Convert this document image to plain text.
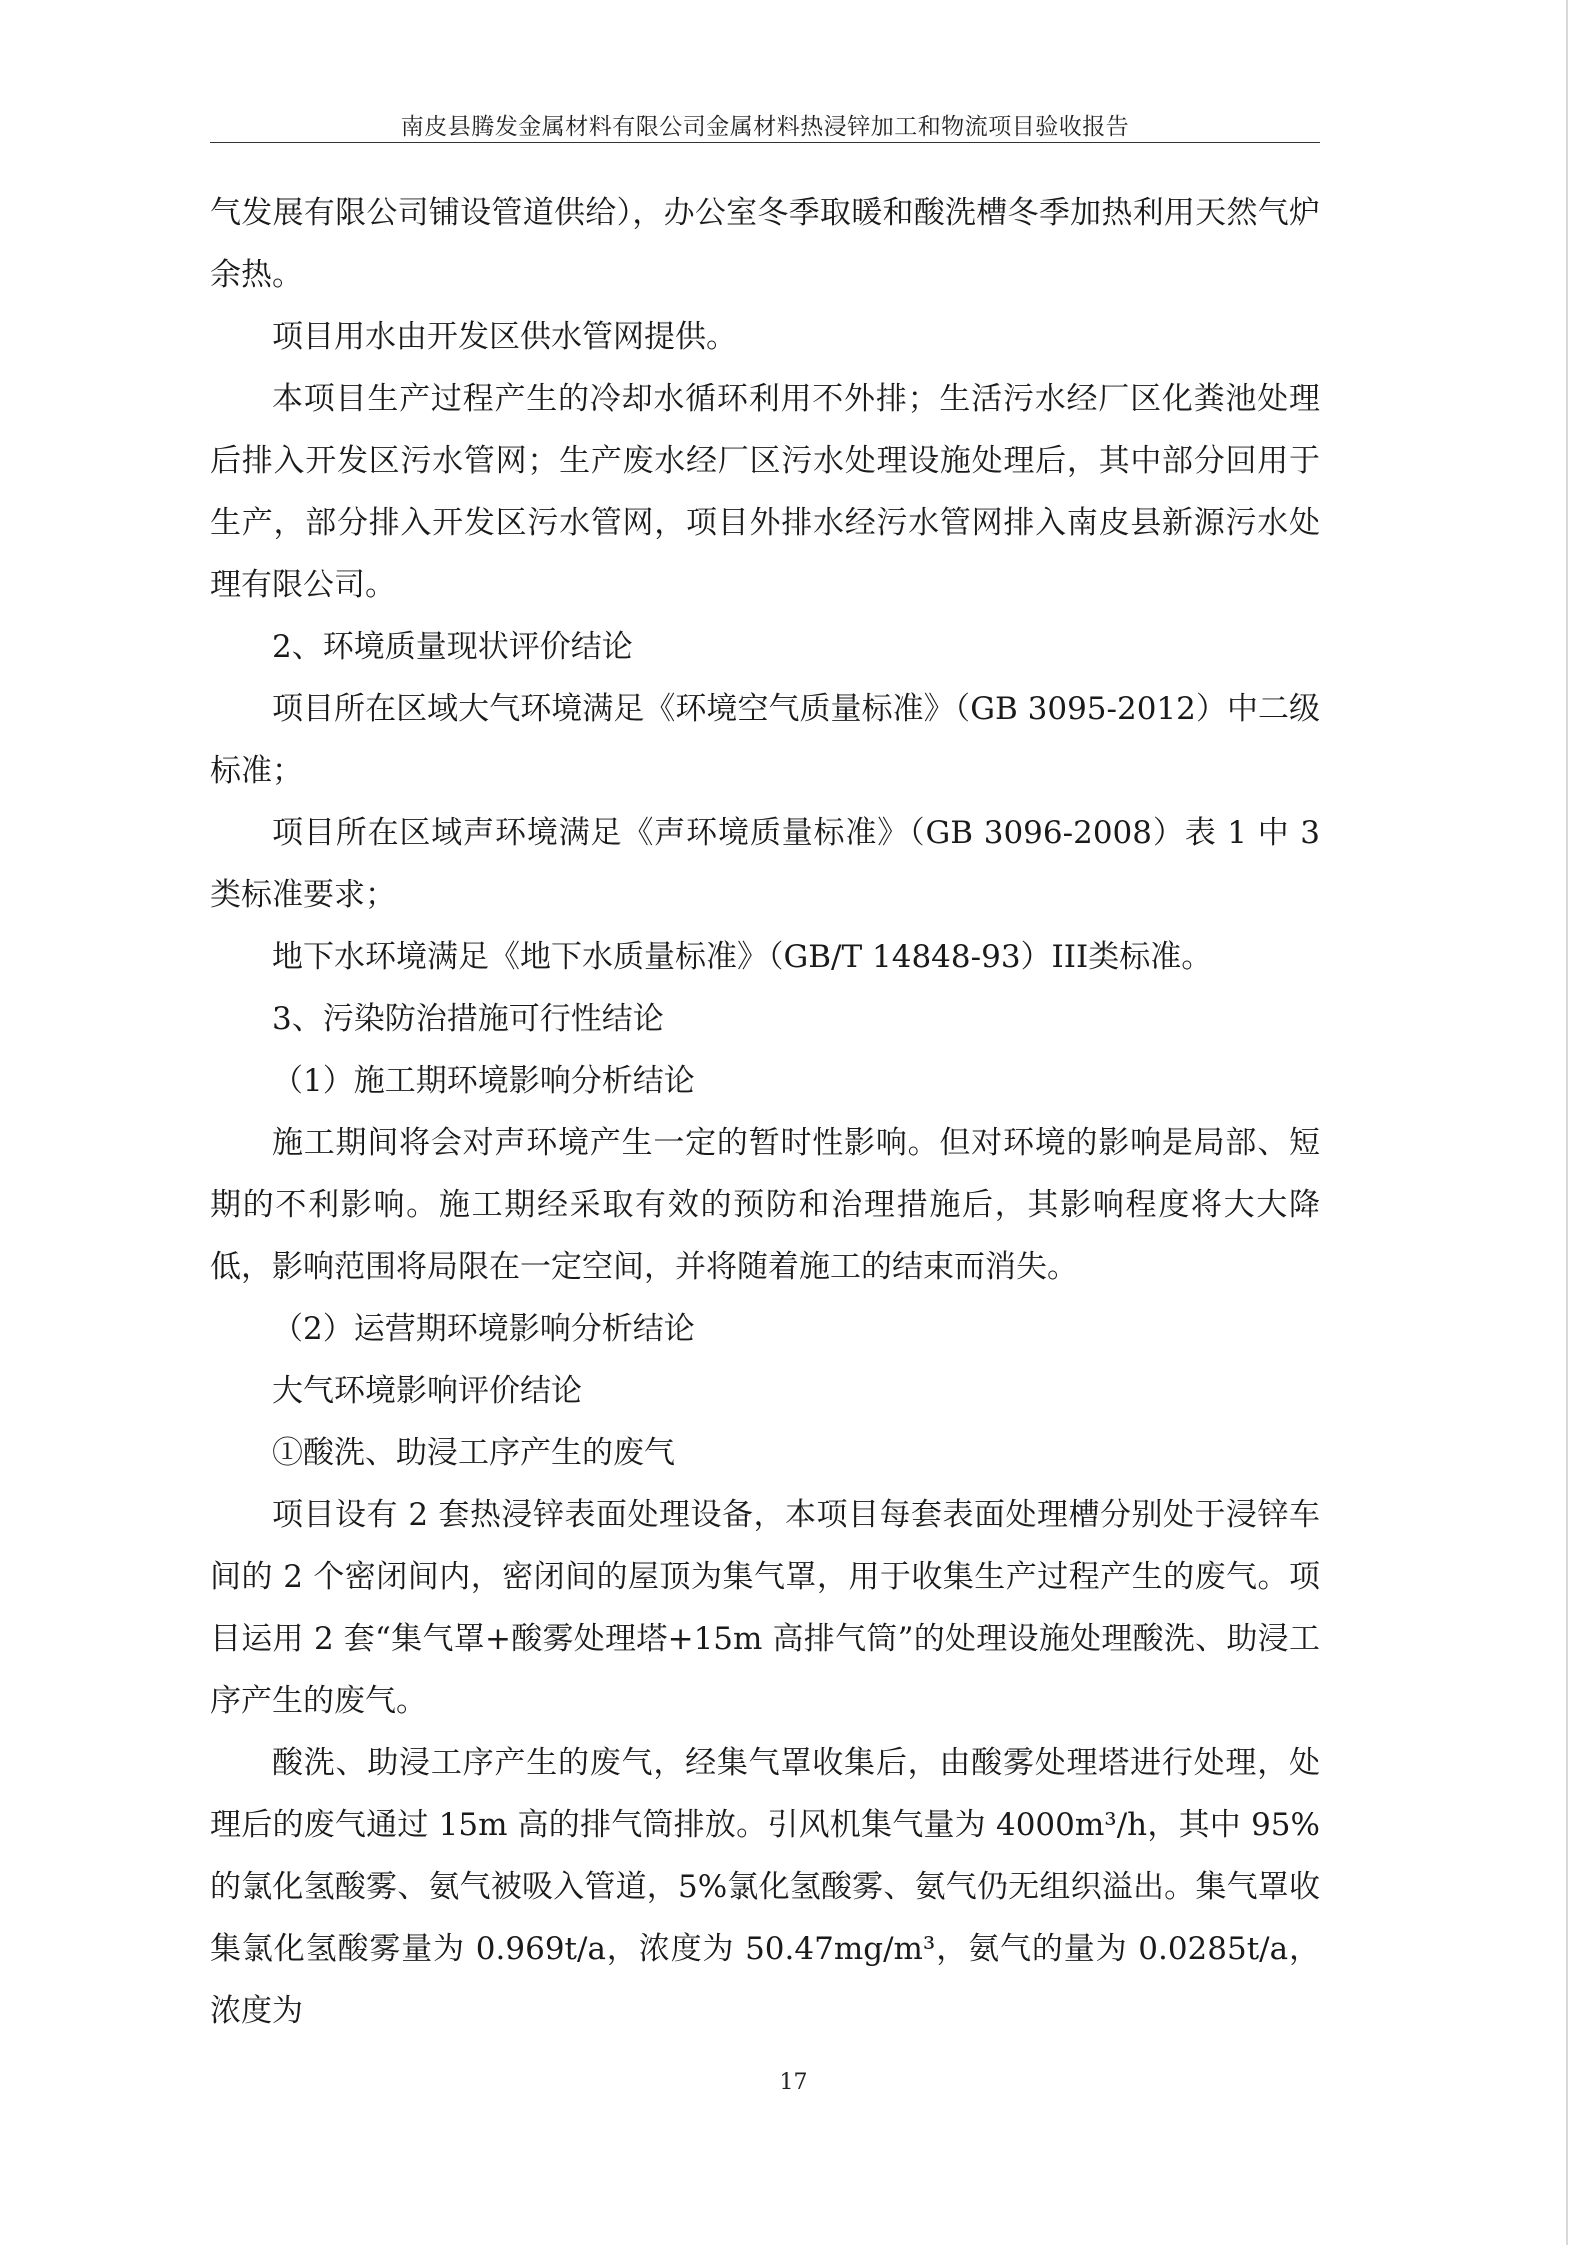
南皮县腾发金属材料有限公司金属材料热浸锌加工和物流项目验收报告

气发展有限公司铺设管道供给），办公室冬季取暖和酸洗槽冬季加热利用天然气炉余热。

项目用水由开发区供水管网提供。

本项目生产过程产生的冷却水循环利用不外排；生活污水经厂区化粪池处理后排入开发区污水管网；生产废水经厂区污水处理设施处理后，其中部分回用于生产，部分排入开发区污水管网，项目外排水经污水管网排入南皮县新源污水处理有限公司。

2、环境质量现状评价结论

项目所在区域大气环境满足《环境空气质量标准》（GB 3095-2012）中二级标准；

项目所在区域声环境满足《声环境质量标准》（GB 3096-2008）表 1 中 3 类标准要求；

地下水环境满足《地下水质量标准》（GB/T 14848-93）III类标准。

3、污染防治措施可行性结论

（1）施工期环境影响分析结论

施工期间将会对声环境产生一定的暂时性影响。但对环境的影响是局部、短期的不利影响。施工期经采取有效的预防和治理措施后，其影响程度将大大降低，影响范围将局限在一定空间，并将随着施工的结束而消失。

（2）运营期环境影响分析结论

大气环境影响评价结论

①酸洗、助浸工序产生的废气

项目设有 2 套热浸锌表面处理设备，本项目每套表面处理槽分别处于浸锌车间的 2 个密闭间内，密闭间的屋顶为集气罩，用于收集生产过程产生的废气。项目运用 2 套“集气罩+酸雾处理塔+15m 高排气筒”的处理设施处理酸洗、助浸工序产生的废气。

酸洗、助浸工序产生的废气，经集气罩收集后，由酸雾处理塔进行处理，处理后的废气通过 15m 高的排气筒排放。引风机集气量为 4000m³/h，其中 95%的氯化氢酸雾、氨气被吸入管道，5%氯化氢酸雾、氨气仍无组织溢出。集气罩收集氯化氢酸雾量为 0.969t/a，浓度为 50.47mg/m³，氨气的量为 0.0285t/a，浓度为

17
